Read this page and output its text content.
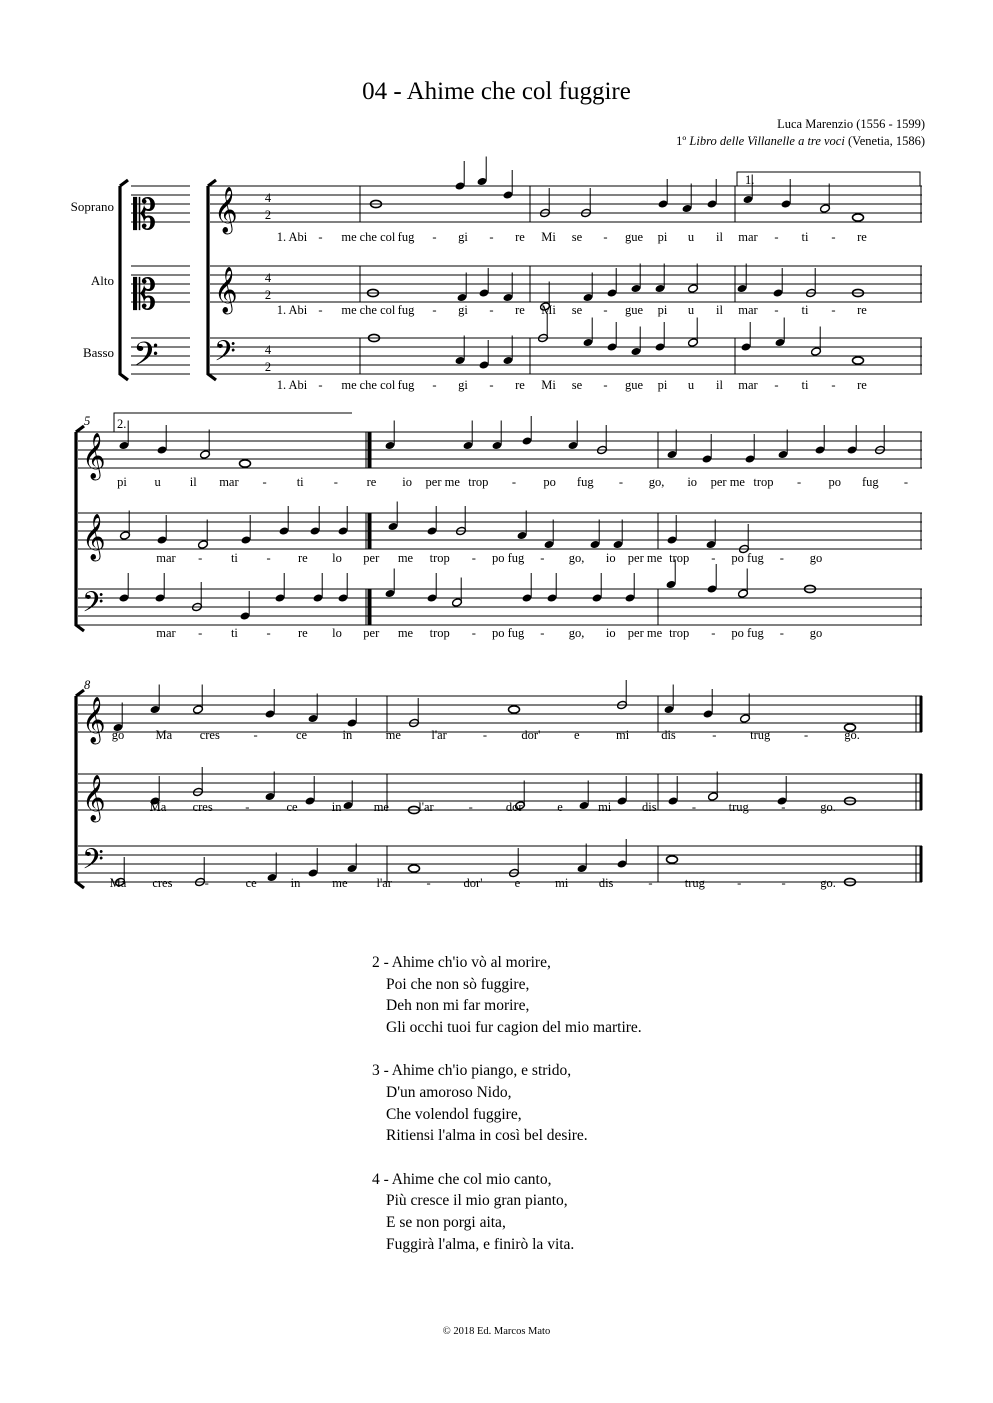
04 - Ahime che col fuggire
Luca Marenzio (1556 - 1599)
1º Libro delle Villanelle a tre voci (Venetia, 1586)
𝄡
𝄡
𝄢
𝄞
𝄞
𝄢
𝄞
𝄞
𝄢
𝄞
𝄞
𝄢
Soprano
Alto
Basso
4
2
4
2
4
2
1.
2.
5
8
1. Abi - me che col fug - gi - re Mi se - gue pi u il mar - ti - re
1. Abi - me che col fug - gi - re Mi se - gue pi u il mar - ti - re
1. Abi - me che col fug - gi - re Mi se - gue pi u il mar - ti - re
pi u il mar - ti - re io per me trop - po fug - go, io per me trop - po fug -
mar - ti - re lo per me trop - po fug - go, io per me trop - po fug - go
mar - ti - re lo per me trop - po fug - go, io per me trop - po fug - go
go	Ma cres	-	ce	in	me l'ar	-	dor'	e	mi	dis	-	trug	-	go.
Ma cres	-	ce	in	me l'ar	-	dor'	e	mi dis	-	trug	-	go.
Ma cres	-	ce	in	me l'ar	-	dor'	e	mi dis	-	trug	-	-	go.
2 - Ahime ch'io vò al morire,
Poi che non sò fuggire,
Deh non mi far morire,
Gli occhi tuoi fur cagion del mio martire.
3 - Ahime ch'io piango, e strido,
D'un amoroso Nido,
Che volendol fuggire,
Ritiensi l'alma in così bel desire.
4 - Ahime che col mio canto,
Più cresce il mio gran pianto,
E se non porgi aita,
Fuggirà l'alma, e finirò la vita.
© 2018 Ed. Marcos Mato
